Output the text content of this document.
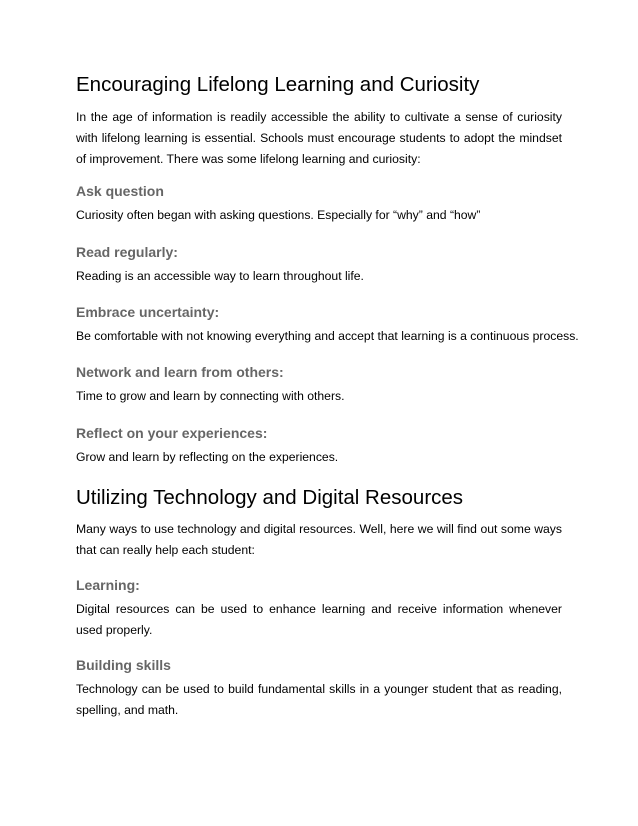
Encouraging Lifelong Learning and Curiosity

In the age of information is readily accessible the ability to cultivate a sense of curiosity with lifelong learning is essential. Schools must encourage students to adopt the mindset of improvement. There was some lifelong learning and curiosity:

Ask question

Curiosity often began with asking questions. Especially for “why” and “how”

Read regularly:

Reading is an accessible way to learn throughout life.

Embrace uncertainty:

Be comfortable with not knowing everything and accept that learning is a continuous process.

Network and learn from others:

Time to grow and learn by connecting with others.

Reflect on your experiences:

Grow and learn by reflecting on the experiences.

Utilizing Technology and Digital Resources

Many ways to use technology and digital resources. Well, here we will find out some ways that can really help each student:

Learning:

Digital resources can be used to enhance learning and receive information whenever used properly.

Building skills

Technology can be used to build fundamental skills in a younger student that as reading, spelling, and math.
